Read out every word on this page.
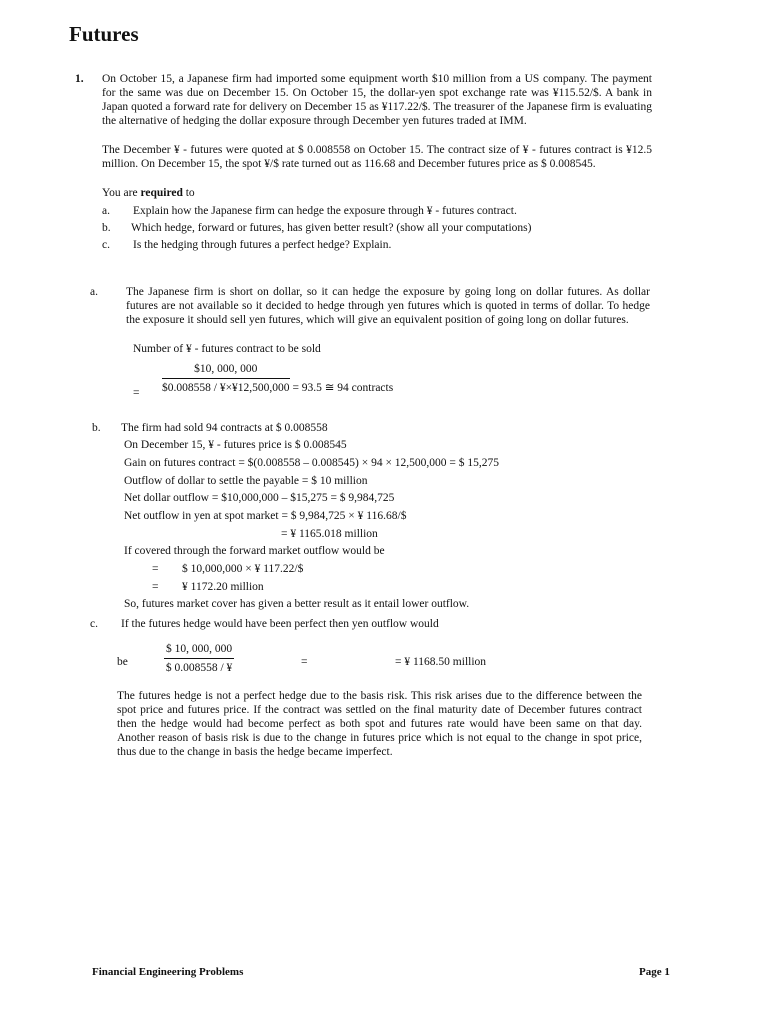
Futures
1. On October 15, a Japanese firm had imported some equipment worth $10 million from a US company. The payment for the same was due on December 15. On October 15, the dollar-yen spot exchange rate was ¥115.52/$. A bank in Japan quoted a forward rate for delivery on December 15 as ¥117.22/$. The treasurer of the Japanese firm is evaluating the alternative of hedging the dollar exposure through December yen futures traded at IMM.
The December ¥ - futures were quoted at $ 0.008558 on October 15. The contract size of ¥ - futures contract is ¥12.5 million. On December 15, the spot ¥/$ rate turned out as 116.68 and December futures price as $ 0.008545.
You are required to
a. Explain how the Japanese firm can hedge the exposure through ¥ - futures contract.
b. Which hedge, forward or futures, has given better result? (show all your computations)
c. Is the hedging through futures a perfect hedge? Explain.
a. The Japanese firm is short on dollar, so it can hedge the exposure by going long on dollar futures. As dollar futures are not available so it decided to hedge through yen futures which is quoted in terms of dollar. To hedge the exposure it should sell yen futures, which will give an equivalent position of going long on dollar futures.
Number of ¥ - futures contract to be sold
= $\frac{\$10, 000, 000}{\$0.008558 / ¥\times¥12,500,000} = 93.5$ ≅ 94 contracts
b. The firm had sold 94 contracts at $ 0.008558
On December 15, ¥ - futures price is $ 0.008545
Gain on futures contract = $(0.008558 – 0.008545) × 94 × 12,500,000 = $ 15,275
Outflow of dollar to settle the payable = $ 10 million
Net dollar outflow = $10,000,000 – $15,275 = $ 9,984,725
Net outflow in yen at spot market = $ 9,984,725 × ¥ 116.68/$
= ¥ 1165.018 million
If covered through the forward market outflow would be
= $ 10,000,000 × ¥ 117.22/$
= ¥ 1172.20 million
So, futures market cover has given a better result as it entail lower outflow.
c. If the futures hedge would have been perfect then yen outflow would
be	$\frac{\$ 10, 000, 000}{\$ 0.008558 / ¥}$	=	= ¥ 1168.50 million
The futures hedge is not a perfect hedge due to the basis risk. This risk arises due to the difference between the spot price and futures price. If the contract was settled on the final maturity date of December futures contract then the hedge would had become perfect as both spot and futures rate would have been same on that day. Another reason of basis risk is due to the change in futures price which is not equal to the change in spot price, thus due to the change in basis the hedge became imperfect.
Financial Engineering Problems	Page 1
